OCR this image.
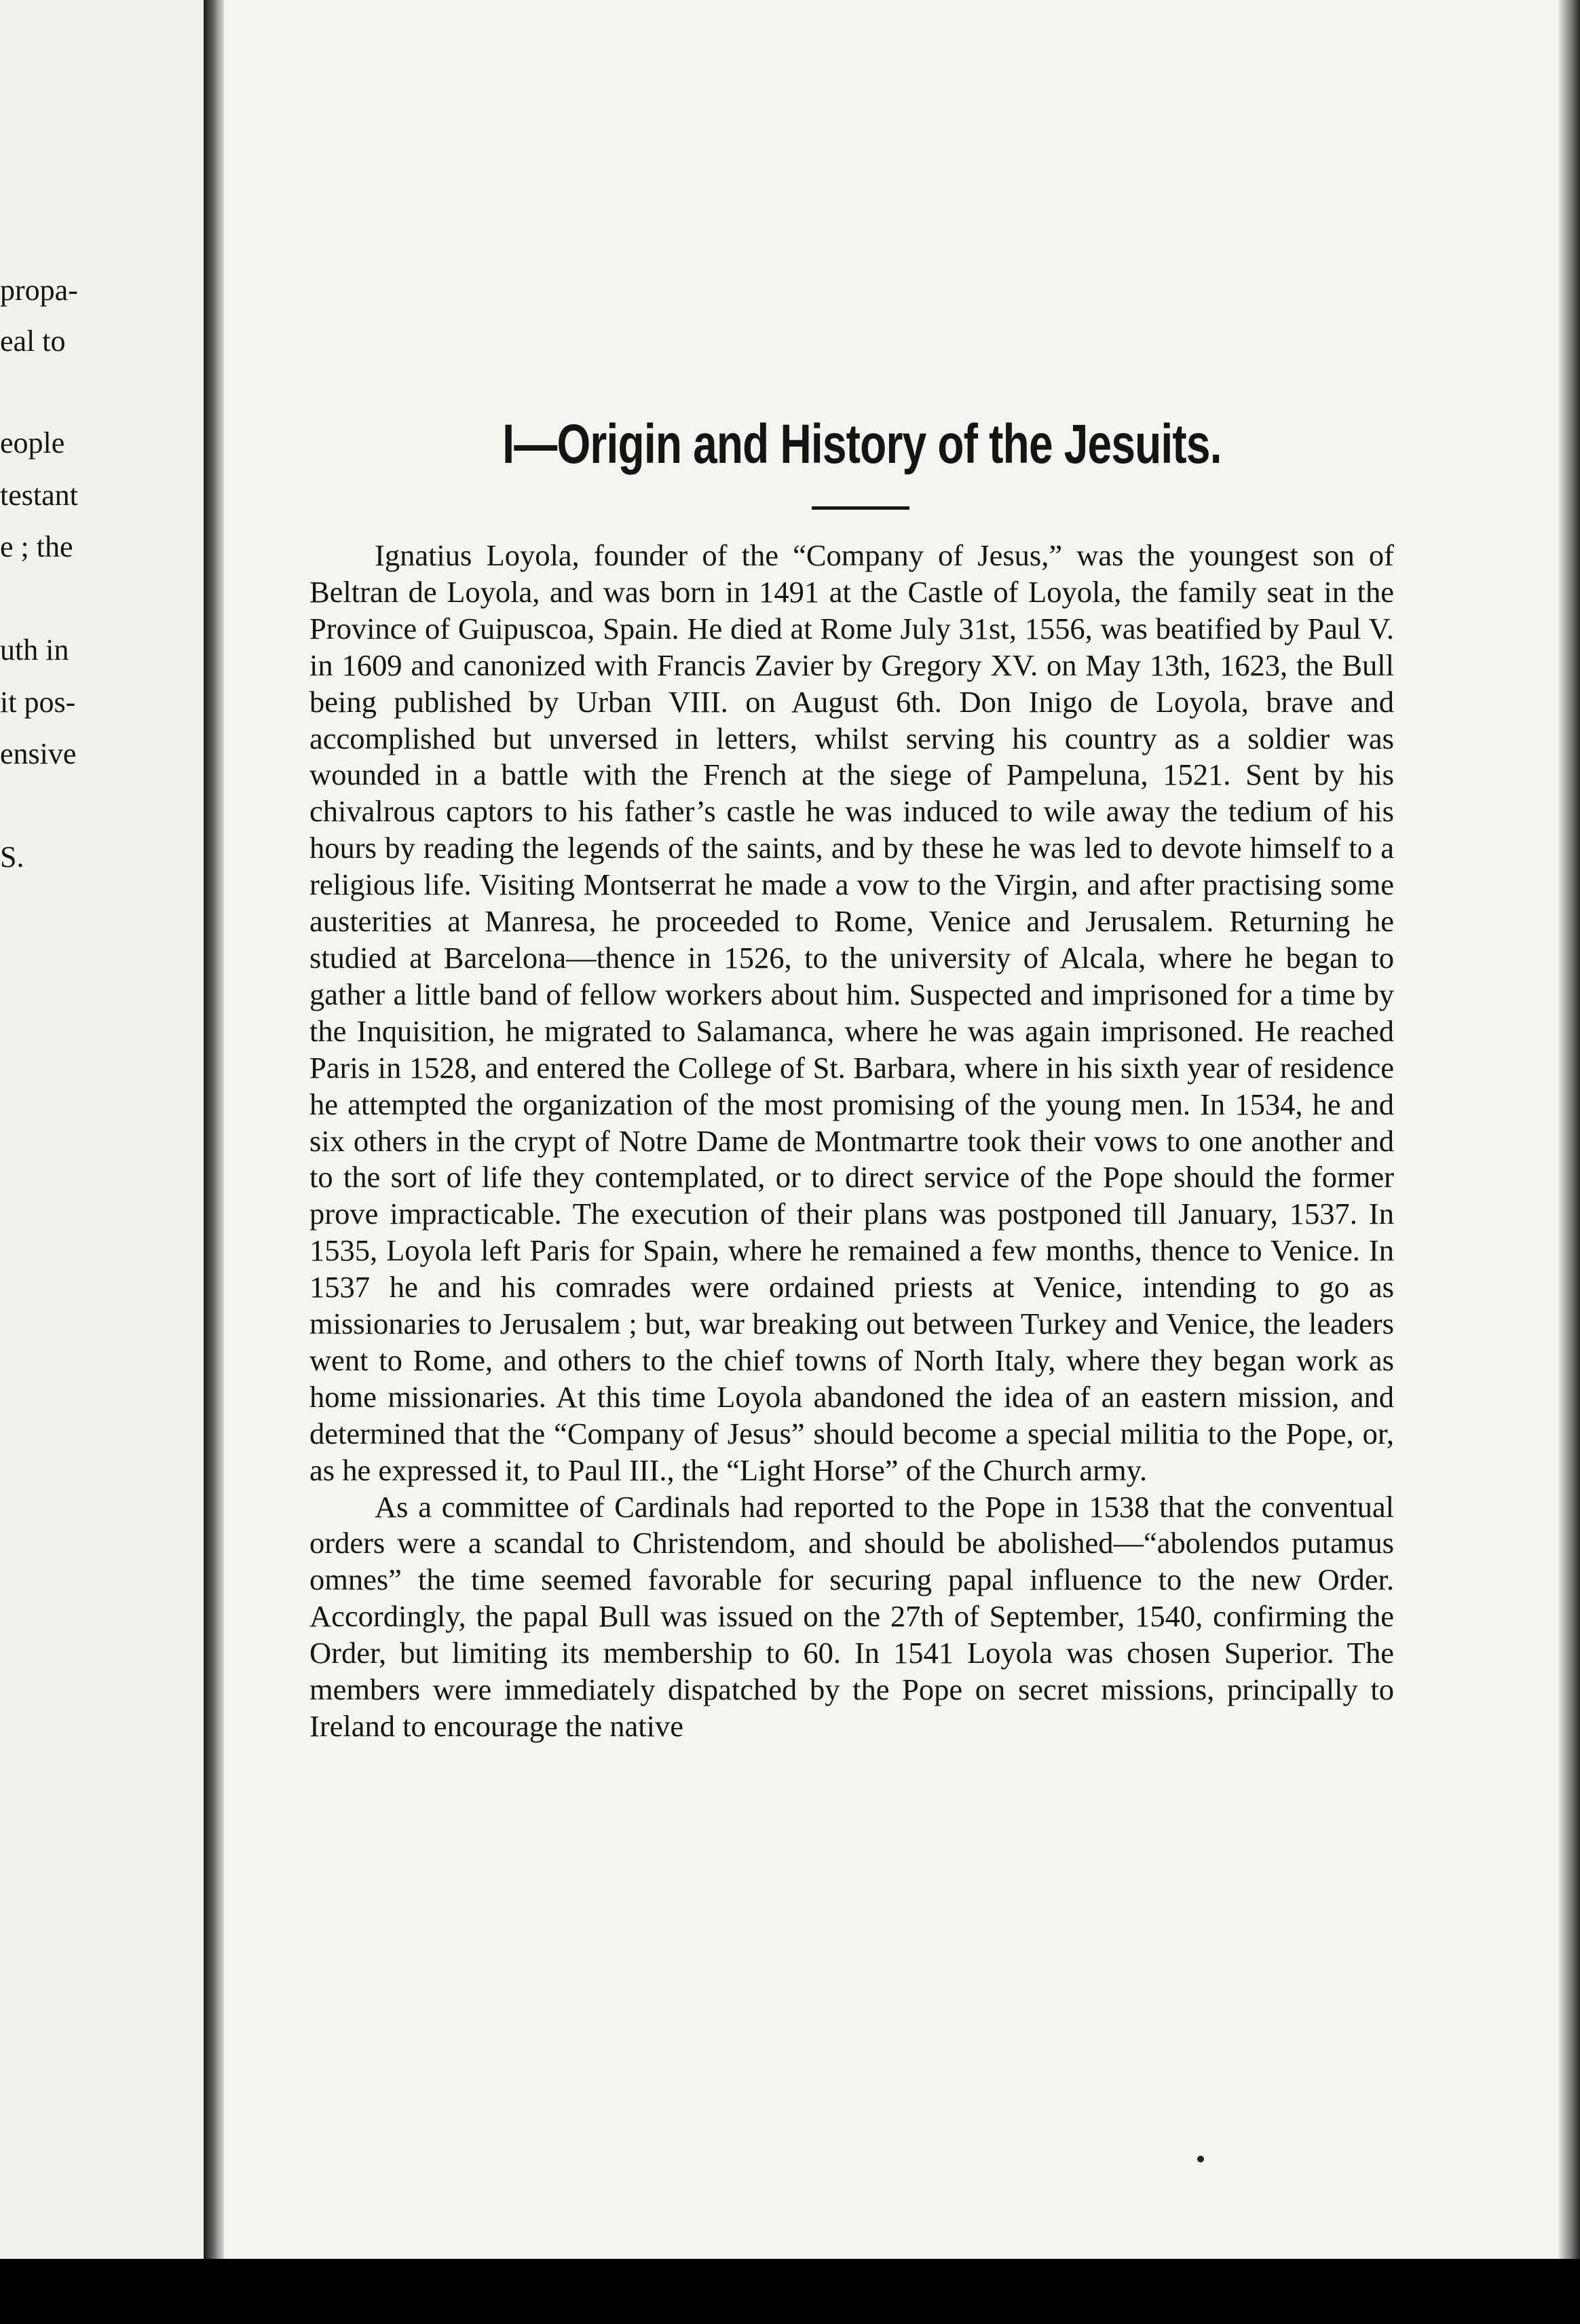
propa-
eal to
eople
testant
e ; the
uth in
it pos-
ensive
S.
I—Origin and History of the Jesuits.

Ignatius Loyola, founder of the “Company of Jesus,” was the youngest son of Beltran de Loyola, and was born in 1491 at the Castle of Loyola, the family seat in the Province of Guipuscoa, Spain. He died at Rome July 31st, 1556, was beatified by Paul V. in 1609 and canonized with Francis Zavier by Gregory XV. on May 13th, 1623, the Bull being published by Urban VIII. on August 6th. Don Inigo de Loyola, brave and accomplished but unversed in letters, whilst serving his country as a soldier was wounded in a battle with the French at the siege of Pampeluna, 1521. Sent by his chivalrous captors to his father’s castle he was induced to wile away the tedium of his hours by reading the legends of the saints, and by these he was led to devote himself to a religious life. Visiting Montserrat he made a vow to the Virgin, and after practising some austerities at Manresa, he proceeded to Rome, Venice and Jerusalem. Returning he studied at Barcelona—thence in 1526, to the university of Alcala, where he began to gather a little band of fellow workers about him. Suspected and imprisoned for a time by the Inquisition, he migrated to Salamanca, where he was again imprisoned. He reached Paris in 1528, and entered the College of St. Barbara, where in his sixth year of residence he attempted the organization of the most promising of the young men. In 1534, he and six others in the crypt of Notre Dame de Montmartre took their vows to one another and to the sort of life they contemplated, or to direct service of the Pope should the former prove impracticable. The execution of their plans was postponed till January, 1537. In 1535, Loyola left Paris for Spain, where he remained a few months, thence to Venice. In 1537 he and his comrades were ordained priests at Venice, intending to go as missionaries to Jerusalem ; but, war breaking out between Turkey and Venice, the leaders went to Rome, and others to the chief towns of North Italy, where they began work as home missionaries. At this time Loyola abandoned the idea of an eastern mission, and determined that the “Company of Jesus” should become a special militia to the Pope, or, as he expressed it, to Paul III., the “Light Horse” of the Church army.

As a committee of Cardinals had reported to the Pope in 1538 that the conventual orders were a scandal to Christendom, and should be abolished—“abolendos putamus omnes” the time seemed favorable for securing papal influence to the new Order. Accordingly, the papal Bull was issued on the 27th of September, 1540, confirming the Order, but limiting its membership to 60. In 1541 Loyola was chosen Superior. The members were immediately dispatched by the Pope on secret missions, principally to Ireland to encourage the native
